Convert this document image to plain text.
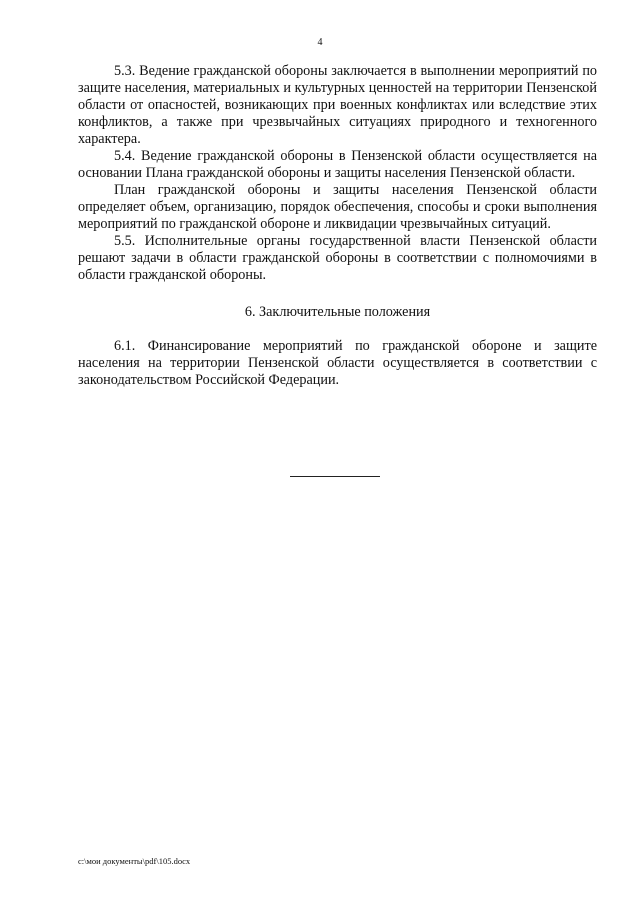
4

5.3. Ведение гражданской обороны заключается в выполнении мероприятий по защите населения, материальных и культурных ценностей на территории Пензенской области от опасностей, возникающих при военных конфликтах или вследствие этих конфликтов, а также при чрезвычайных ситуациях природного и техногенного характера.

5.4. Ведение гражданской обороны в Пензенской области осуществляется на основании Плана гражданской обороны и защиты населения Пензенской области.

План гражданской обороны и защиты населения Пензенской области определяет объем, организацию, порядок обеспечения, способы и сроки выполнения мероприятий по гражданской обороне и ликвидации чрезвычайных ситуаций.

5.5. Исполнительные органы государственной власти Пензенской области решают задачи в области гражданской обороны в соответствии с полномочиями в области гражданской обороны.

6. Заключительные положения

6.1. Финансирование мероприятий по гражданской обороне и защите населения на территории Пензенской области осуществляется в соответствии с законодательством Российской Федерации.

c:\мои документы\pdf\105.docx
